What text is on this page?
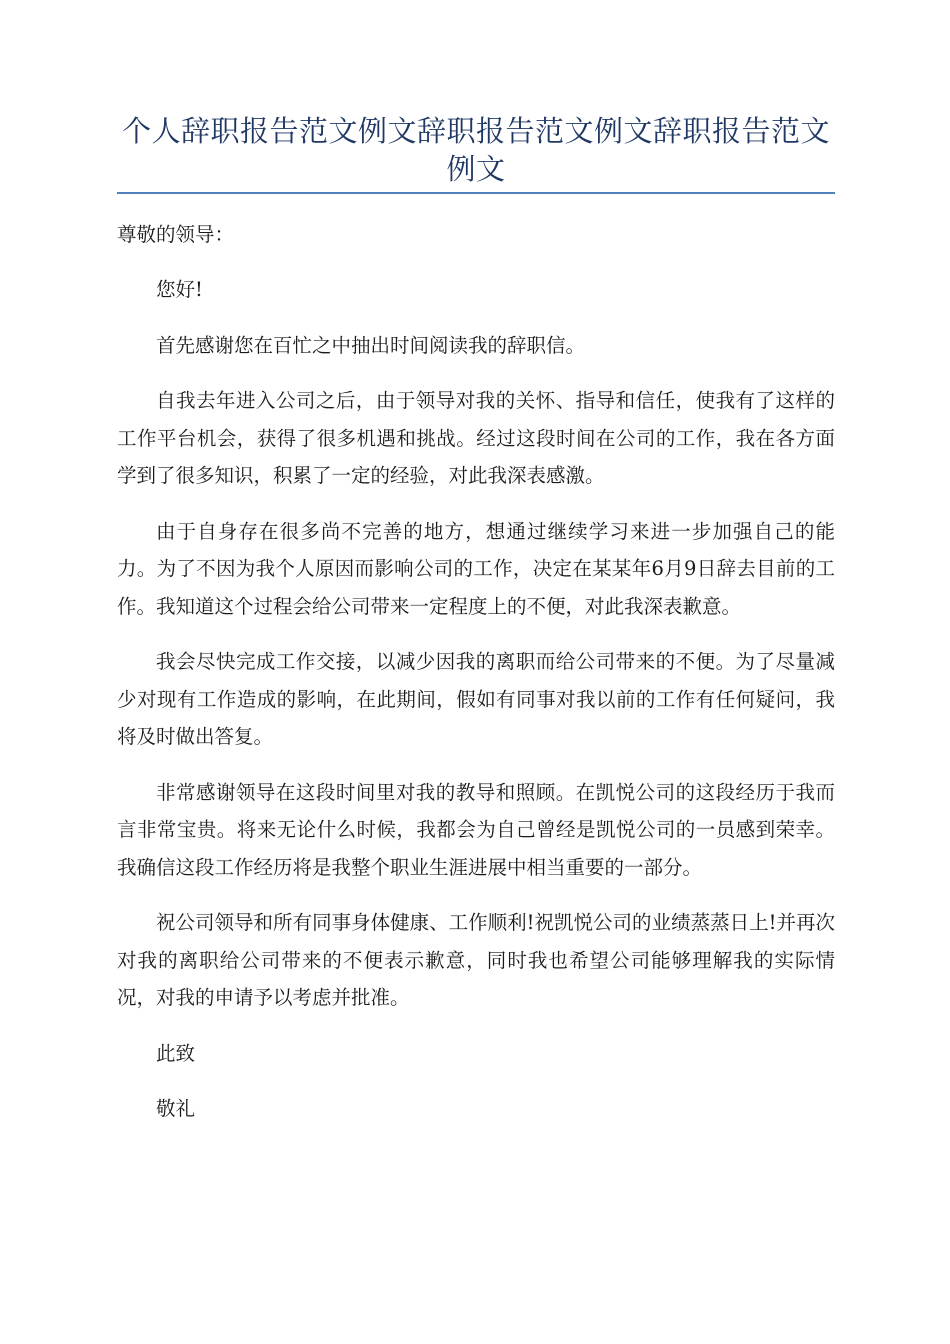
个人辞职报告范文例文辞职报告范文例文辞职报告范文例文

尊敬的领导：

您好!

首先感谢您在百忙之中抽出时间阅读我的辞职信。

自我去年进入公司之后，由于领导对我的关怀、指导和信任，使我有了这样的工作平台机会，获得了很多机遇和挑战。经过这段时间在公司的工作，我在各方面学到了很多知识，积累了一定的经验，对此我深表感激。

由于自身存在很多尚不完善的地方，想通过继续学习来进一步加强自己的能力。为了不因为我个人原因而影响公司的工作，决定在某某年6月9日辞去目前的工作。我知道这个过程会给公司带来一定程度上的不便，对此我深表歉意。

我会尽快完成工作交接，以减少因我的离职而给公司带来的不便。为了尽量减少对现有工作造成的影响，在此期间，假如有同事对我以前的工作有任何疑问，我将及时做出答复。

非常感谢领导在这段时间里对我的教导和照顾。在凯悦公司的这段经历于我而言非常宝贵。将来无论什么时候，我都会为自己曾经是凯悦公司的一员感到荣幸。我确信这段工作经历将是我整个职业生涯进展中相当重要的一部分。

祝公司领导和所有同事身体健康、工作顺利!祝凯悦公司的业绩蒸蒸日上!并再次对我的离职给公司带来的不便表示歉意，同时我也希望公司能够理解我的实际情况，对我的申请予以考虑并批准。

此致

敬礼
